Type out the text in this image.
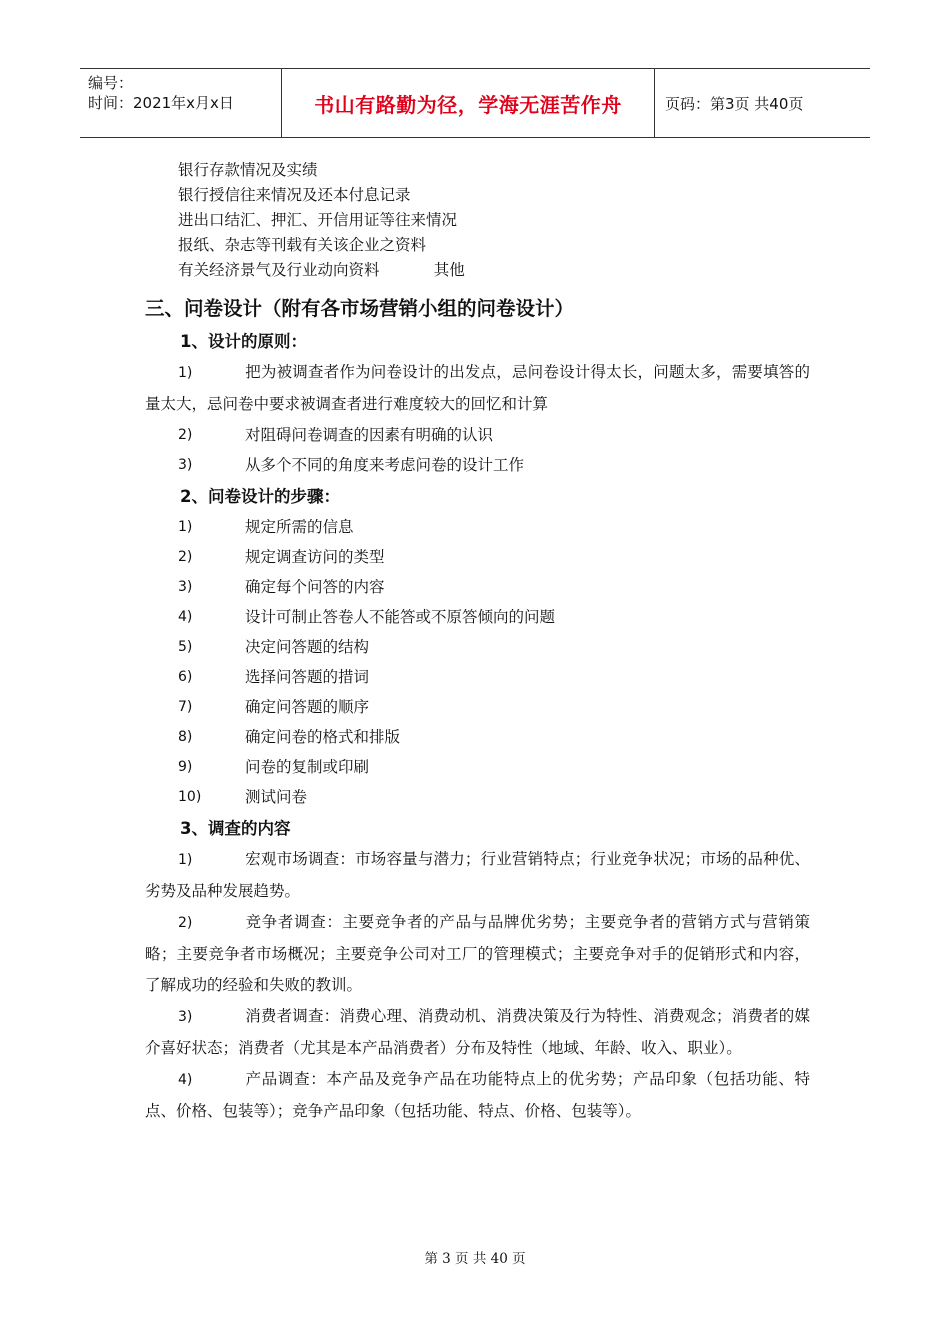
编号：
时间：2021年x月x日	书山有路勤为径，学海无涯苦作舟	页码：第3页 共40页
银行存款情况及实绩
银行授信往来情况及还本付息记录
进出口结汇、押汇、开信用证等往来情况
报纸、杂志等刊载有关该企业之资料
有关经济景气及行业动向资料           其他
三、问卷设计（附有各市场营销小组的问卷设计）
1、设计的原则：
1)	把为被调查者作为问卷设计的出发点，忌问卷设计得太长，问题太多，需要填答的量太大，忌问卷中要求被调查者进行难度较大的回忆和计算
2)	对阻碍问卷调查的因素有明确的认识
3)	从多个不同的角度来考虑问卷的设计工作
2、问卷设计的步骤：
1)	规定所需的信息
2)	规定调查访问的类型
3)	确定每个问答的内容
4)	设计可制止答卷人不能答或不原答倾向的问题
5)	决定问答题的结构
6)	选择问答题的措词
7)	确定问答题的顺序
8)	确定问卷的格式和排版
9)	问卷的复制或印刷
10)	测试问卷
3、调查的内容
1)	宏观市场调查：市场容量与潜力；行业营销特点；行业竞争状况；市场的品种优、劣势及品种发展趋势。
2)	竞争者调查：主要竞争者的产品与品牌优劣势；主要竞争者的营销方式与营销策略；主要竞争者市场概况；主要竞争公司对工厂的管理模式；主要竞争对手的促销形式和内容，了解成功的经验和失败的教训。
3)	消费者调查：消费心理、消费动机、消费决策及行为特性、消费观念；消费者的媒介喜好状态；消费者（尤其是本产品消费者）分布及特性（地域、年龄、收入、职业）。
4)	产品调查：本产品及竞争产品在功能特点上的优劣势；产品印象（包括功能、特点、价格、包装等）；竞争产品印象（包括功能、特点、价格、包装等）。
第 3 页 共 40 页
